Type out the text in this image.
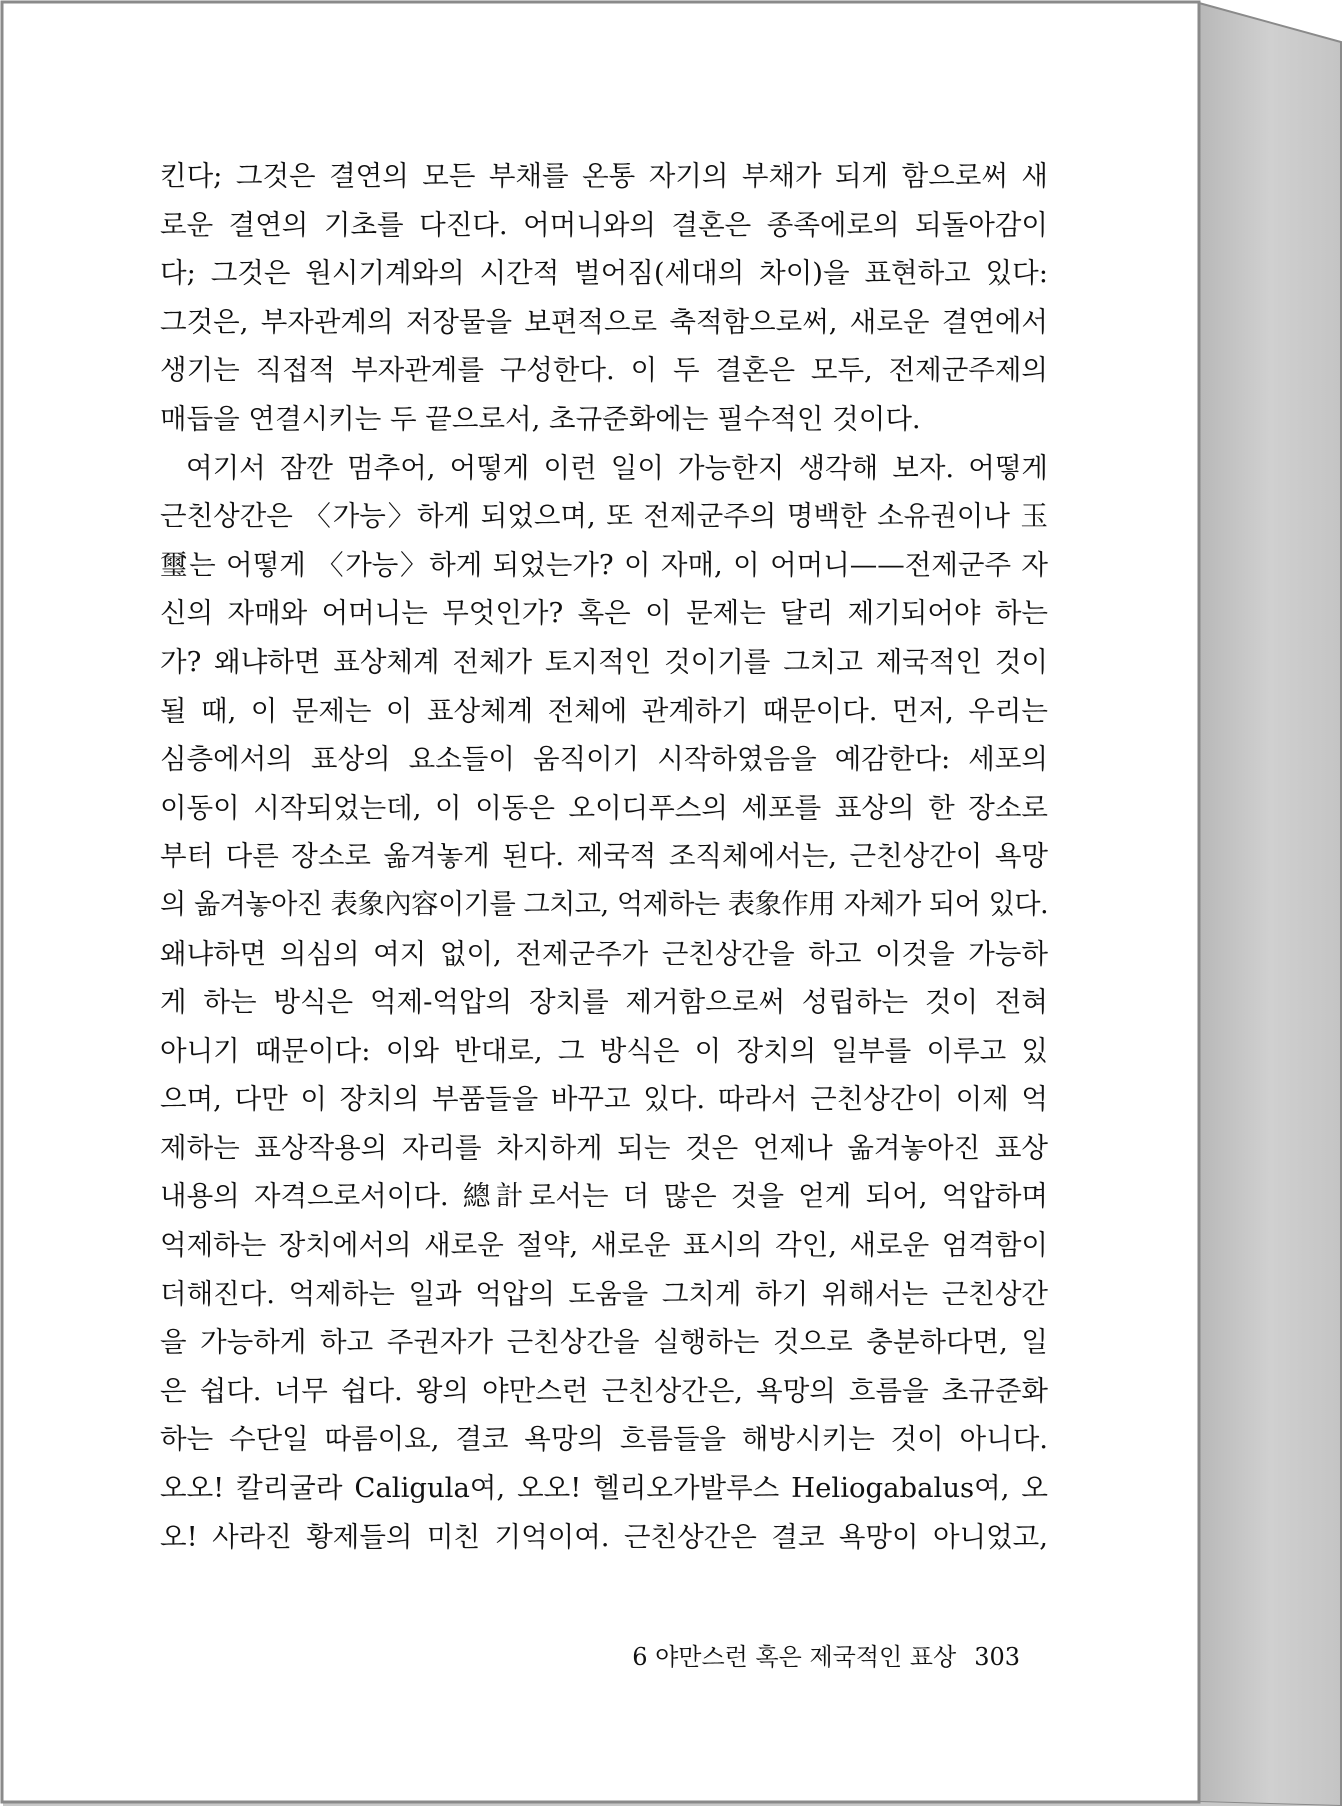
킨다; 그것은 결연의 모든 부채를 온통 자기의 부채가 되게 함으로써 새
로운 결연의 기초를 다진다. 어머니와의 결혼은 종족에로의 되돌아감이
다; 그것은 원시기계와의 시간적 벌어짐(세대의 차이)을 표현하고 있다:
그것은, 부자관계의 저장물을 보편적으로 축적함으로써, 새로운 결연에서
생기는 직접적 부자관계를 구성한다. 이 두 결혼은 모두, 전제군주제의
매듭을 연결시키는 두 끝으로서, 초규준화에는 필수적인 것이다.
여기서 잠깐 멈추어, 어떻게 이런 일이 가능한지 생각해 보자. 어떻게
근친상간은 〈가능〉하게 되었으며, 또 전제군주의 명백한 소유권이나 玉
璽는 어떻게 〈가능〉하게 되었는가? 이 자매, 이 어머니——전제군주 자
신의 자매와 어머니는 무엇인가? 혹은 이 문제는 달리 제기되어야 하는
가? 왜냐하면 표상체계 전체가 토지적인 것이기를 그치고 제국적인 것이
될 때, 이 문제는 이 표상체계 전체에 관계하기 때문이다. 먼저, 우리는
심층에서의 표상의 요소들이 움직이기 시작하였음을 예감한다: 세포의
이동이 시작되었는데, 이 이동은 오이디푸스의 세포를 표상의 한 장소로
부터 다른 장소로 옮겨놓게 된다. 제국적 조직체에서는, 근친상간이 욕망
의 옮겨놓아진 表象內容이기를 그치고, 억제하는 表象作用 자체가 되어 있다.
왜냐하면 의심의 여지 없이, 전제군주가 근친상간을 하고 이것을 가능하
게 하는 방식은 억제-억압의 장치를 제거함으로써 성립하는 것이 전혀
아니기 때문이다: 이와 반대로, 그 방식은 이 장치의 일부를 이루고 있
으며, 다만 이 장치의 부품들을 바꾸고 있다. 따라서 근친상간이 이제 억
제하는 표상작용의 자리를 차지하게 되는 것은 언제나 옮겨놓아진 표상
내용의 자격으로서이다. 總計로서는 더 많은 것을 얻게 되어, 억압하며
억제하는 장치에서의 새로운 절약, 새로운 표시의 각인, 새로운 엄격함이
더해진다. 억제하는 일과 억압의 도움을 그치게 하기 위해서는 근친상간
을 가능하게 하고 주권자가 근친상간을 실행하는 것으로 충분하다면, 일
은 쉽다. 너무 쉽다. 왕의 야만스런 근친상간은, 욕망의 흐름을 초규준화
하는 수단일 따름이요, 결코 욕망의 흐름들을 해방시키는 것이 아니다.
오오! 칼리굴라 Caligula여, 오오! 헬리오가발루스 Heliogabalus여, 오
오! 사라진 황제들의 미친 기억이여. 근친상간은 결코 욕망이 아니었고,
6 야만스런 혹은 제국적인 표상 303
